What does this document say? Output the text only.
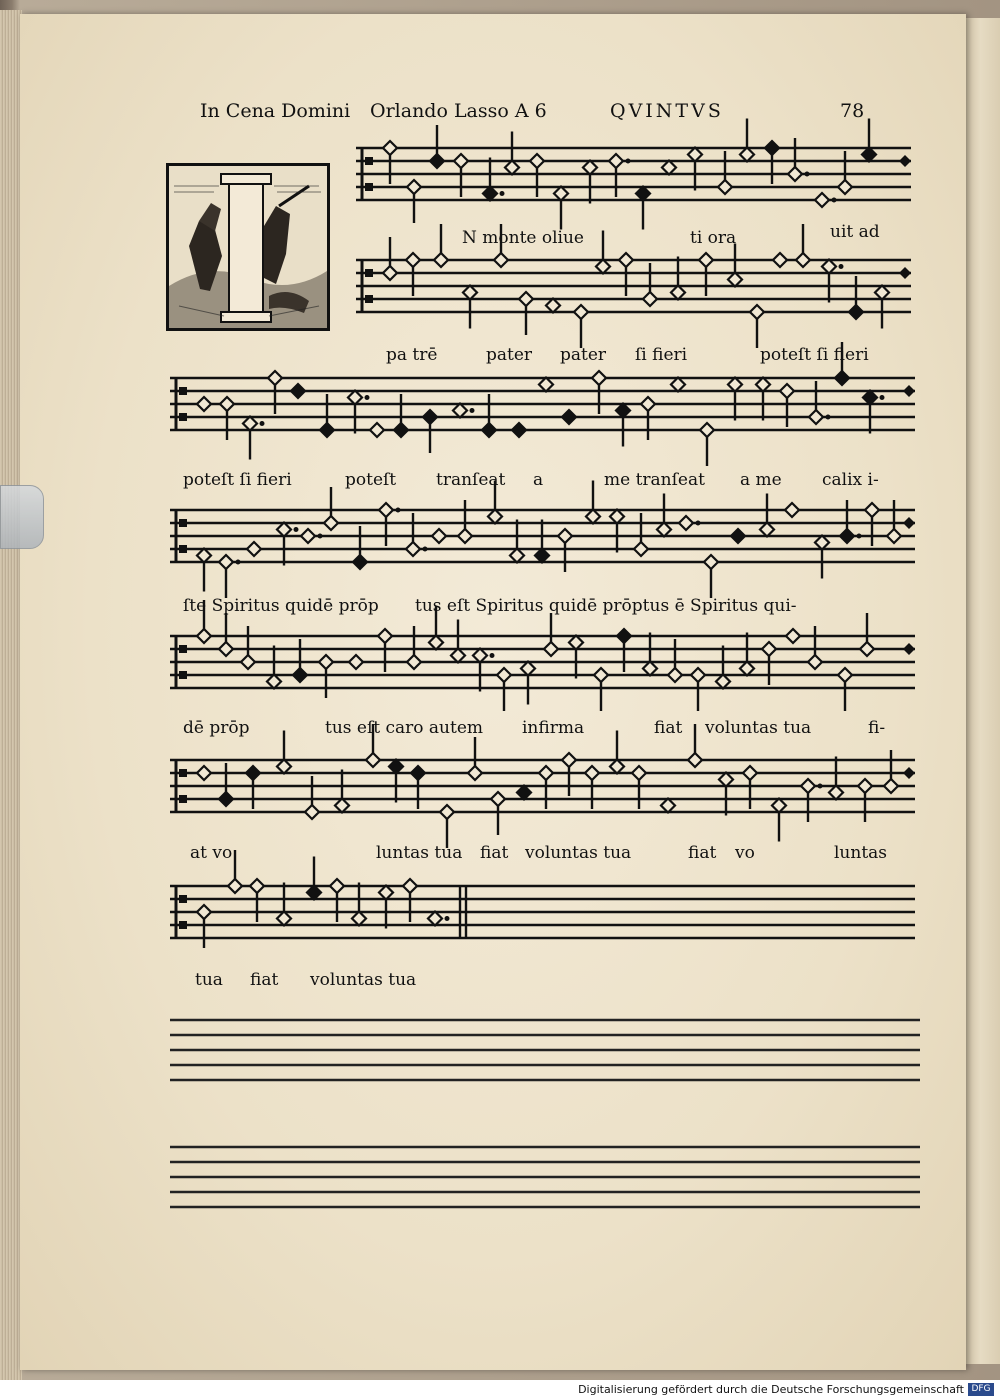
In Cena Domini Orlando Lasso A 6	QVINTVS	78
N monte oliue	ti ora	uit ad
pa trē	pater pater ſi fieri	poteſt ſi fieri
poteſt ſi fieri	poteſt tranſeat a	me tranſeat a me calix i-
ſte Spiritus quidē prōp tus eſt Spiritus quidē prōptus ē Spiritus qui-
dē prōp	tus eſt caro autem infirma	fiat voluntas tua	fi-
at vo	luntas tua fiat voluntas tua	fiat vo	luntas
tua fiat voluntas tua
Digitalisierung gefördert durch die Deutsche Forschungsgemeinschaft DFG
